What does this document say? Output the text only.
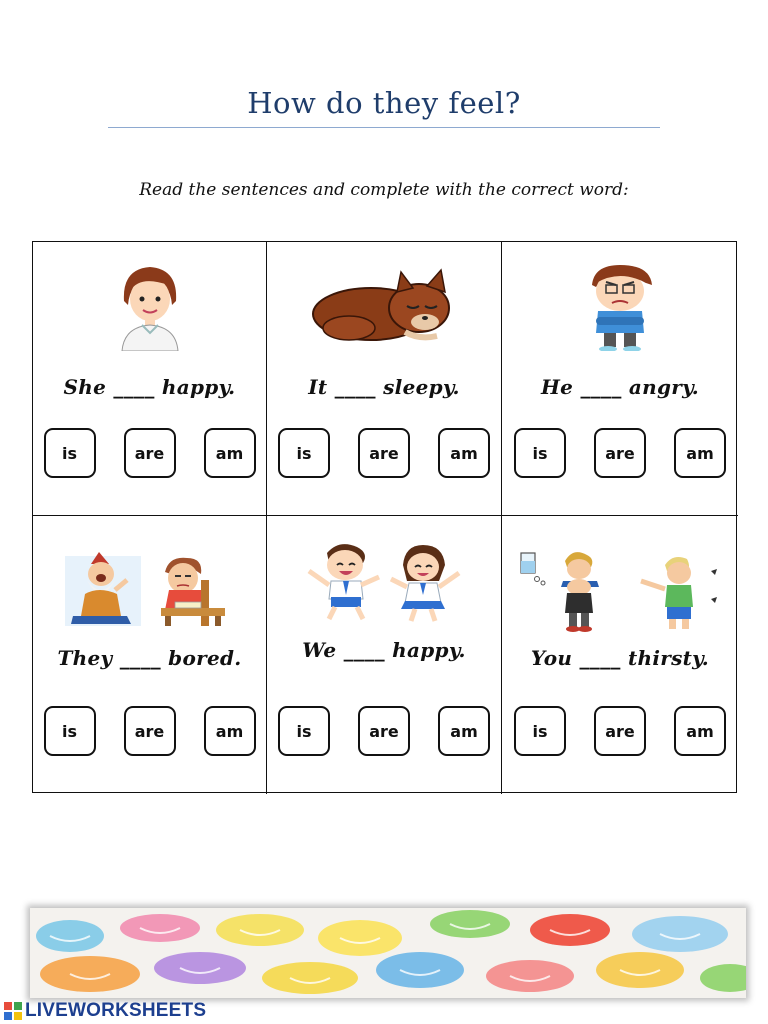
How do they feel?
Read the sentences and complete with the correct word:
She ____ happy.
is	are	am
It ____ sleepy.
is	are	am
He ____ angry.
is	are	am
They ____ bored.
is	are	am
We ____ happy.
is	are	am
You ____ thirsty.
is	are	am
LIVEWORKSHEETS
